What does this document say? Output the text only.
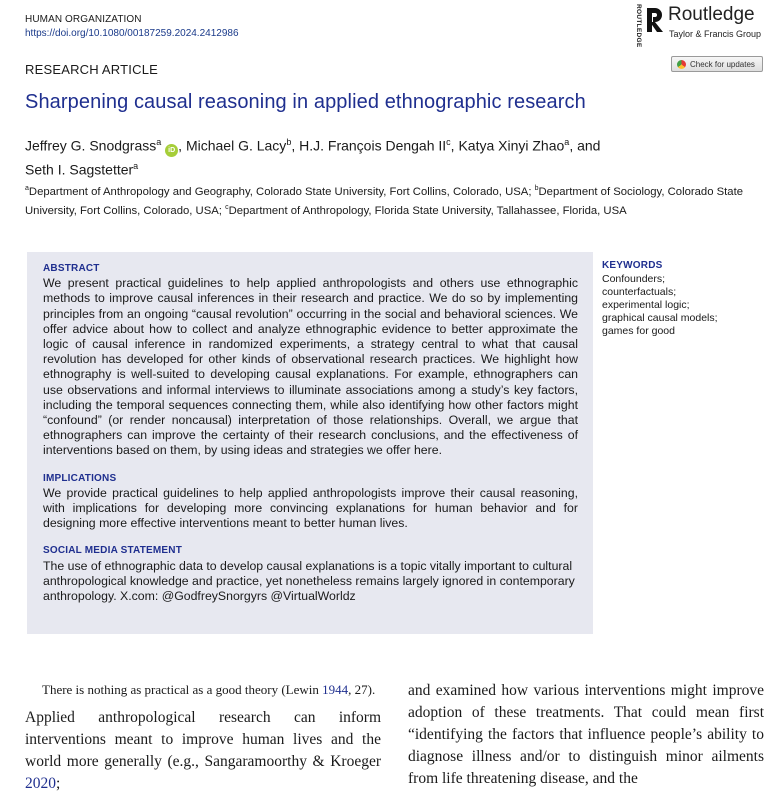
HUMAN ORGANIZATION
https://doi.org/10.1080/00187259.2024.2412986	ROUTLEDGE Routledge
Taylor & Francis Group
RESEARCH ARTICLE	Check for updates
Sharpening causal reasoning in applied ethnographic research
Jeffrey G. Snodgrass$^a$ iD , Michael G. Lacy$^b$, H.J. François Dengah $II^c$, Katya Xinyi Zhao$^a$, and
Seth I. Sagstetter$^a$
$^a$Department of Anthropology and Geography, Colorado State University, Fort Collins, Colorado, USA; $^b$Department of Sociology, Colorado State University, Fort Collins, Colorado, USA; $^c$Department of Anthropology, Florida State University, Tallahassee, Florida, USA

ABSTRACT

We present practical guidelines to help applied anthropologists and others use ethnographic methods to improve causal inferences in their research and practice. We do so by implementing principles from an ongoing “causal revolution” occurring in the social and behavioral sciences. We offer advice about how to collect and analyze ethnographic evidence to better approximate the logic of causal inference in randomized experiments, a strategy central to what that causal revolution has developed for other kinds of observational research practices. We highlight how ethnography is well-suited to developing causal explanations. For example, ethnographers can use observations and informal interviews to illuminate associations among a study’s key factors, including the temporal sequences connecting them, while also identifying how other factors might “confound” (or render noncausal) interpretation of those relationships. Overall, we argue that ethnographers can improve the certainty of their research conclusions, and the effectiveness of interventions based on them, by using ideas and strategies we offer here.

IMPLICATIONS

We provide practical guidelines to help applied anthropologists improve their causal reasoning, with implications for developing more convincing explanations for human behavior and for designing more effective interventions meant to better human lives.

SOCIAL MEDIA STATEMENT

The use of ethnographic data to develop causal explanations is a topic vitally important to cultural anthropological knowledge and practice, yet nonetheless remains largely ignored in contemporary anthropology. X.com: @GodfreySnorgyrs @VirtualWorldz

KEYWORDS
Confounders; counterfactuals; experimental logic; graphical causal models; games for good

There is nothing as practical as a good theory (Lewin 1944, 27).

Applied anthropological research can inform interventions meant to improve human lives and the world more generally (e.g., Sangaramoorthy & Kroeger 2020;

and examined how various interventions might improve adoption of these treatments. That could mean first “identifying the factors that influence people’s ability to diagnose illness and/or to distinguish minor ailments from life threatening disease, and the
